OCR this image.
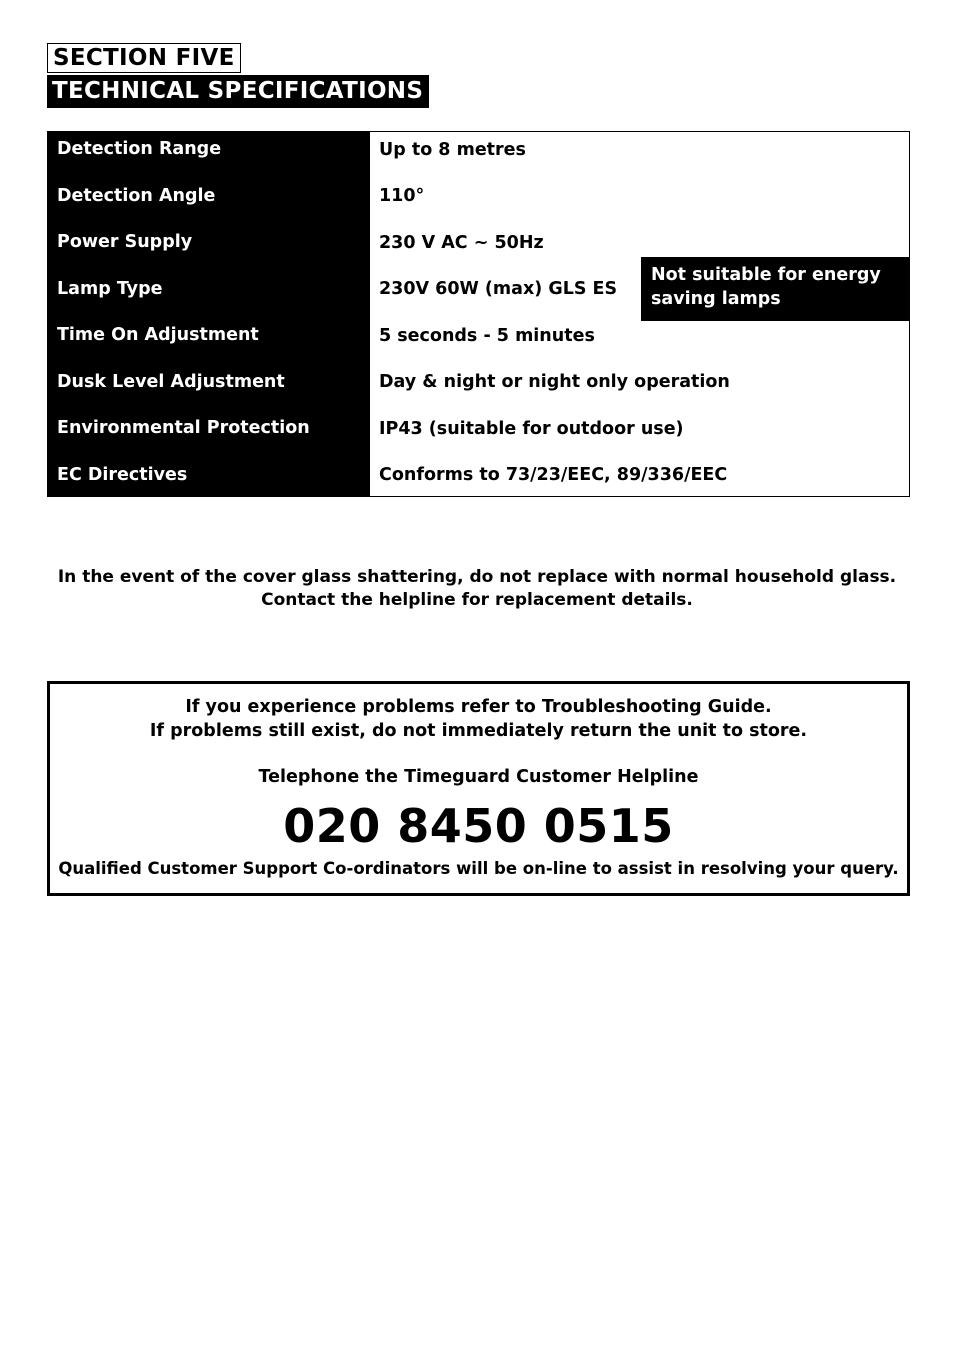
SECTION FIVE
TECHNICAL SPECIFICATIONS
Detection Range
Detection Angle
Power Supply
Lamp Type
Time On Adjustment
Dusk Level Adjustment
Environmental Protection
EC Directives
Up to 8 metres
110°
230 V AC ~ 50Hz
230V 60W (max) GLS ES
Not suitable for energy saving lamps
5 seconds - 5 minutes
Day & night or night only operation
IP43 (suitable for outdoor use)
Conforms to 73/23/EEC, 89/336/EEC
In the event of the cover glass shattering, do not replace with normal household glass.
Contact the helpline for replacement details.
If you experience problems refer to Troubleshooting Guide.
If problems still exist, do not immediately return the unit to store.
Telephone the Timeguard Customer Helpline
020 8450 0515
Qualified Customer Support Co-ordinators will be on-line to assist in resolving your query.
